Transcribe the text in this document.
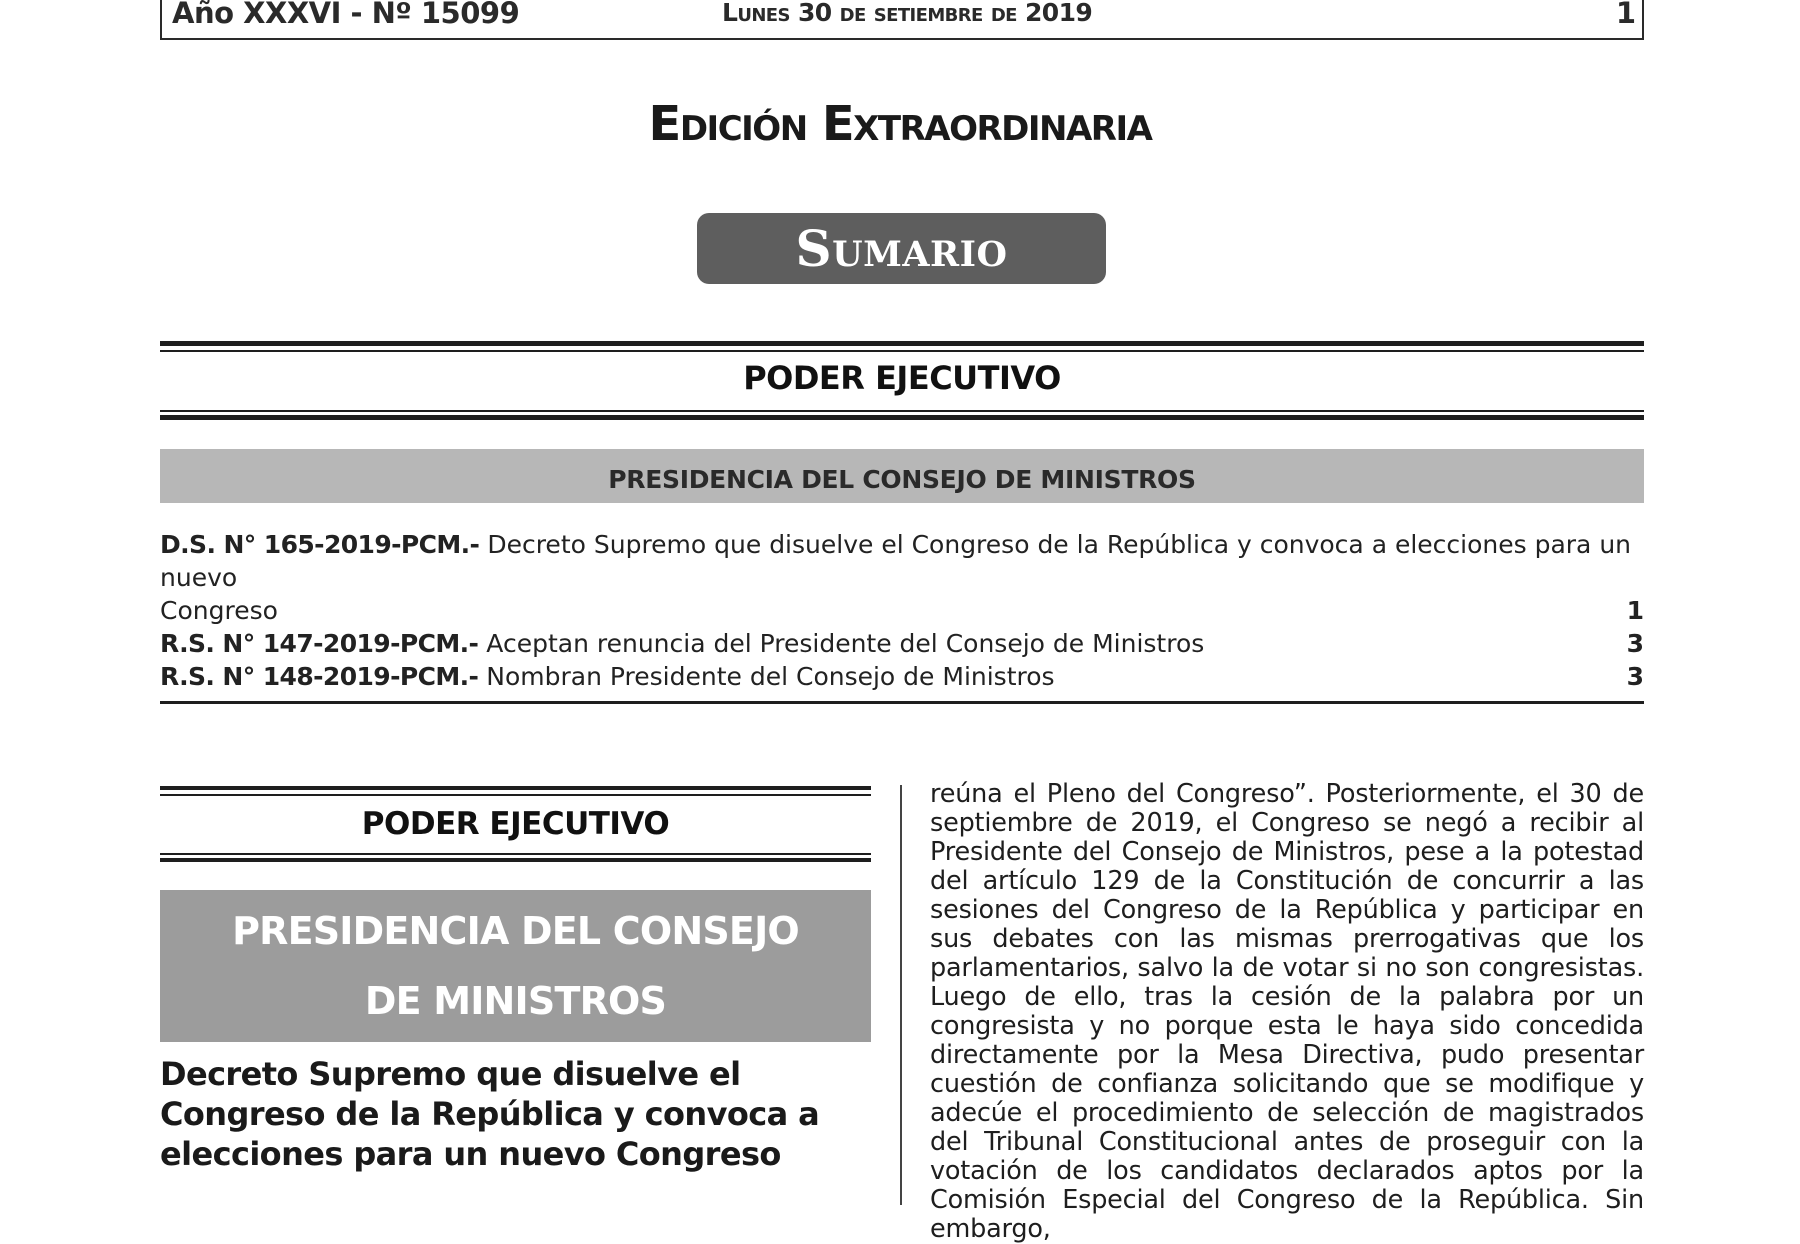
Año XXXVI - Nº 15099	Lunes 30 de setiembre de 2019	1
Edición Extraordinaria
Sumario
PODER EJECUTIVO
PRESIDENCIA DEL CONSEJO DE MINISTROS
D.S. N° 165-2019-PCM.- Decreto Supremo que disuelve el Congreso de la República y convoca a elecciones para un nuevo
Congreso	1
R.S. N° 147-2019-PCM.- Aceptan renuncia del Presidente del Consejo de Ministros	3
R.S. N° 148-2019-PCM.- Nombran Presidente del Consejo de Ministros	3
PODER EJECUTIVO
PRESIDENCIA DEL CONSEJO
DE MINISTROS
Decreto Supremo que disuelve el Congreso de la República y convoca a elecciones para un nuevo Congreso
reúna el Pleno del Congreso”. Posteriormente, el 30 de septiembre de 2019, el Congreso se negó a recibir al Presidente del Consejo de Ministros, pese a la potestad del artículo 129 de la Constitución de concurrir a las sesiones del Congreso de la República y participar en sus debates con las mismas prerrogativas que los parlamentarios, salvo la de votar si no son congresistas. Luego de ello, tras la cesión de la palabra por un congresista y no porque esta le haya sido concedida directamente por la Mesa Directiva, pudo presentar cuestión de confianza solicitando que se modifique y adecúe el procedimiento de selección de magistrados del Tribunal Constitucional antes de proseguir con la votación de los candidatos declarados aptos por la Comisión Especial del Congreso de la República. Sin embargo,
